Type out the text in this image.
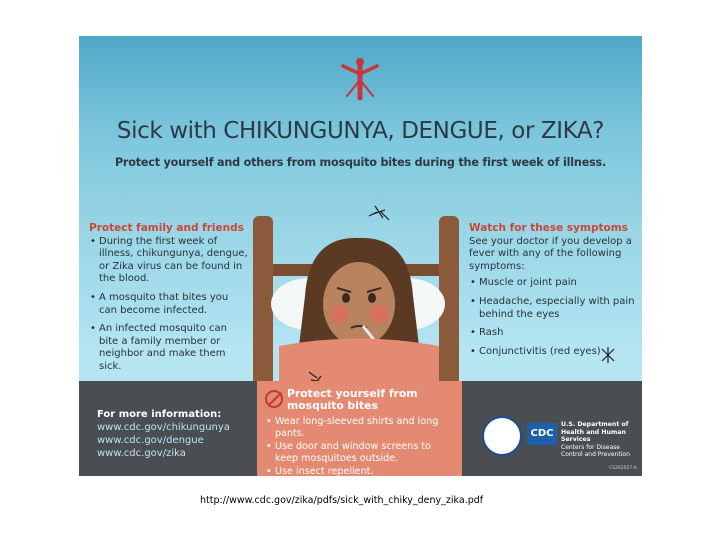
Sick with CHIKUNGUNYA, DENGUE, or ZIKA?
Protect yourself and others from mosquito bites during the first week of illness.
Protect family and friends
• During the first week of illness, chikungunya, dengue, or Zika virus can be found in the blood.
• A mosquito that bites you can become infected.
• An infected mosquito can bite a family member or neighbor and make them sick.
Watch for these symptoms

See your doctor if you develop a fever with any of the following symptoms:

• Muscle or joint pain
• Headache, especially with pain behind the eyes
• Rash
• Conjunctivitis (red eyes)
For more information:
www.cdc.gov/chikungunya
www.cdc.gov/dengue
www.cdc.gov/zika
Protect yourself from mosquito bites
• Wear long-sleeved shirts and long pants.
• Use door and window screens to keep mosquitoes outside.
• Use insect repellent.
CDC
U.S. Department of
Health and Human Services
Centers for Disease
Control and Prevention
CS262057-A
http://www.cdc.gov/zika/pdfs/sick_with_chiky_deny_zika.pdf
